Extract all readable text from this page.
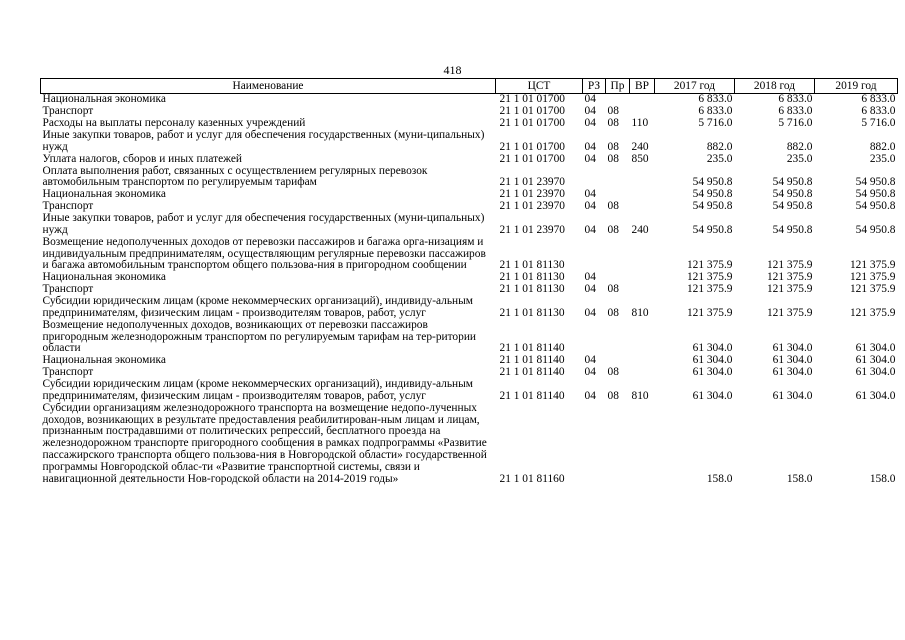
418
Наименование	ЦСТ	РЗ	Пр	ВР	2017 год	2018 год	2019 год
Национальная экономика	21 1 01 01700	04			6 833.0	6 833.0	6 833.0
Транспорт	21 1 01 01700	04	08		6 833.0	6 833.0	6 833.0
Расходы на выплаты персоналу казенных учреждений	21 1 01 01700	04	08	110	5 716.0	5 716.0	5 716.0
Иные закупки товаров, работ и услуг для обеспечения государственных (муни-ципальных) нужд	21 1 01 01700	04	08	240	882.0	882.0	882.0
Уплата налогов, сборов и иных платежей	21 1 01 01700	04	08	850	235.0	235.0	235.0
Оплата выполнения работ, связанных с осуществлением регулярных перевозок автомобильным транспортом по регулируемым тарифам	21 1 01 23970				54 950.8	54 950.8	54 950.8
Национальная экономика	21 1 01 23970	04			54 950.8	54 950.8	54 950.8
Транспорт	21 1 01 23970	04	08		54 950.8	54 950.8	54 950.8
Иные закупки товаров, работ и услуг для обеспечения государственных (муни-ципальных) нужд	21 1 01 23970	04	08	240	54 950.8	54 950.8	54 950.8
Возмещение недополученных доходов от перевозки пассажиров и багажа орга-низациям и индивидуальным предпринимателям, осуществляющим регулярные перевозки пассажиров и багажа автомобильным транспортом общего пользова-ния в пригородном сообщении	21 1 01 81130				121 375.9	121 375.9	121 375.9
Национальная экономика	21 1 01 81130	04			121 375.9	121 375.9	121 375.9
Транспорт	21 1 01 81130	04	08		121 375.9	121 375.9	121 375.9
Субсидии юридическим лицам (кроме некоммерческих организаций), индивиду-альным предпринимателям, физическим лицам - производителям товаров, работ, услуг	21 1 01 81130	04	08	810	121 375.9	121 375.9	121 375.9
Возмещение недополученных доходов, возникающих от перевозки пассажиров пригородным железнодорожным транспортом по регулируемым тарифам на тер-ритории области	21 1 01 81140				61 304.0	61 304.0	61 304.0
Национальная экономика	21 1 01 81140	04			61 304.0	61 304.0	61 304.0
Транспорт	21 1 01 81140	04	08		61 304.0	61 304.0	61 304.0
Субсидии юридическим лицам (кроме некоммерческих организаций), индивиду-альным предпринимателям, физическим лицам - производителям товаров, работ, услуг	21 1 01 81140	04	08	810	61 304.0	61 304.0	61 304.0
Субсидии организациям железнодорожного транспорта на возмещение недопо-лученных доходов, возникающих в результате предоставления реабилитирован-ным лицам и лицам, признанным пострадавшими от политических репрессий, бесплатного проезда на железнодорожном транспорте пригородного сообщения в рамках подпрограммы «Развитие пассажирского транспорта общего пользова-ния в Новгородской области» государственной программы Новгородской облас-ти «Развитие транспортной системы, связи и навигационной деятельности Нов-городской области на 2014-2019 годы»	21 1 01 81160				158.0	158.0	158.0
